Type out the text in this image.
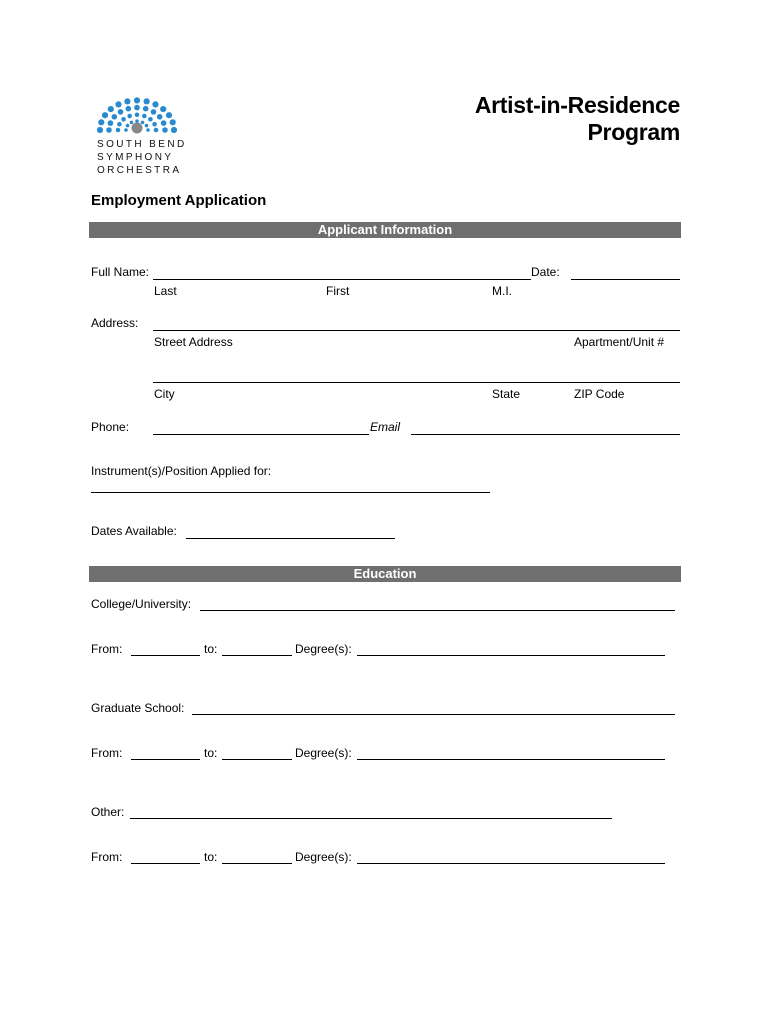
SOUTH BEND
SYMPHONY
ORCHESTRA
Artist-in-Residence
Program
Employment Application
Applicant Information
Full Name:	Date:
Last	First	M.I.
Address:
Street Address	Apartment/Unit #
City	State	ZIP Code
Phone:	Email
Instrument(s)/Position Applied for:
Dates Available:
Education
College/University:
From:	to:	Degree(s):
Graduate School:
From:	to:	Degree(s):
Other:
From:	to:	Degree(s):
